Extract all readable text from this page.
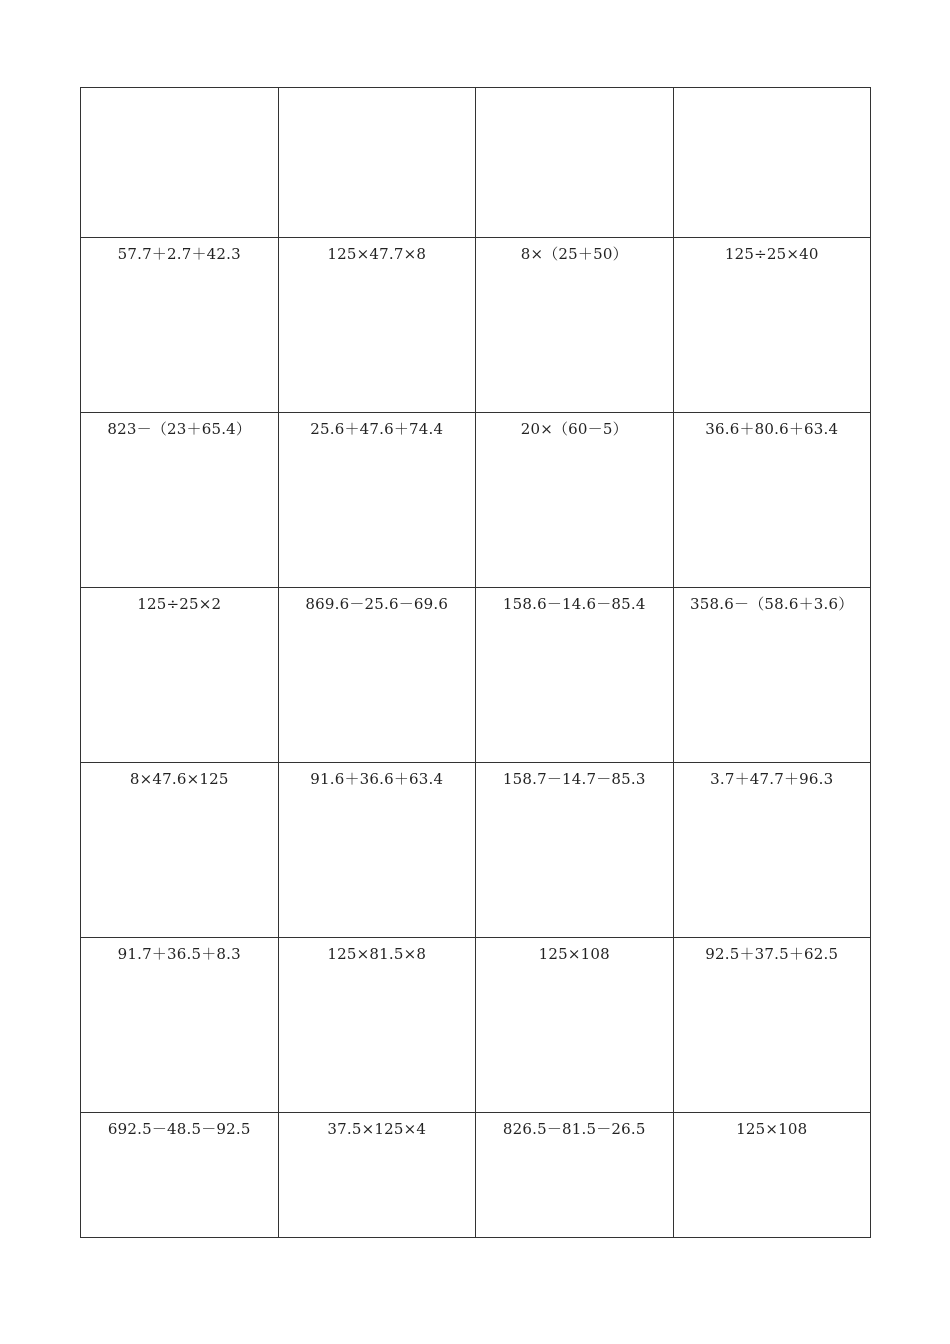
57.7＋2.7＋42.3	125×47.7×8	8×（25＋50）	125÷25×40

823－（23＋65.4）	25.6＋47.6＋74.4	20×（60－5）	36.6＋80.6＋63.4

125÷25×2	869.6－25.6－69.6	158.6－14.6－85.4	358.6－（58.6＋3.6）

8×47.6×125	91.6＋36.6＋63.4	158.7－14.7－85.3	3.7＋47.7＋96.3

91.7＋36.5＋8.3	125×81.5×8	125×108	92.5＋37.5＋62.5

692.5－48.5－92.5	37.5×125×4	826.5－81.5－26.5	125×108
